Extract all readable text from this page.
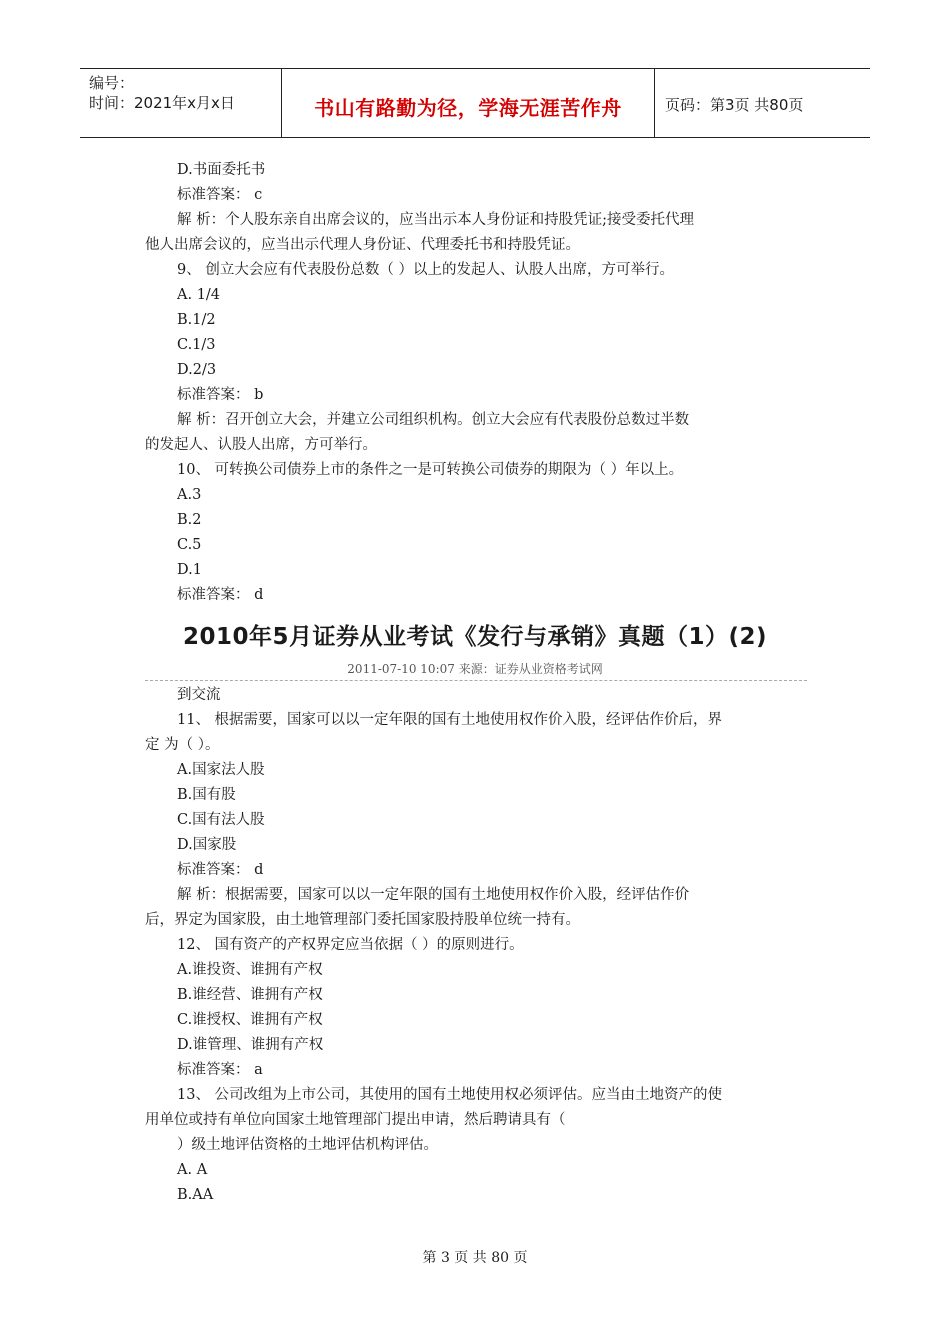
编号：
时间：2021年x月x日	书山有路勤为径，学海无涯苦作舟	页码：第3页 共80页
D.书面委托书
标准答案： c
解 析：个人股东亲自出席会议的，应当出示本人身份证和持股凭证;接受委托代理
他人出席会议的，应当出示代理人身份证、代理委托书和持股凭证。
9、 创立大会应有代表股份总数（ ）以上的发起人、认股人出席，方可举行。
A. 1/4
B.1/2
C.1/3
D.2/3
标准答案： b
解 析：召开创立大会，并建立公司组织机构。创立大会应有代表股份总数过半数
的发起人、认股人出席，方可举行。
10、 可转换公司债券上市的条件之一是可转换公司债券的期限为（ ）年以上。
A.3
B.2
C.5
D.1
标准答案： d
2010年5月证券从业考试《发行与承销》真题（1）(2)
2011-07-10 10:07 来源：证券从业资格考试网
到交流
11、 根据需要，国家可以以一定年限的国有土地使用权作价入股，经评估作价后，界
定 为（ ）。
A.国家法人股
B.国有股
C.国有法人股
D.国家股
标准答案： d
解 析：根据需要，国家可以以一定年限的国有土地使用权作价入股，经评估作价
后，界定为国家股，由土地管理部门委托国家股持股单位统一持有。
12、 国有资产的产权界定应当依据（ ）的原则进行。
A.谁投资、谁拥有产权
B.谁经营、谁拥有产权
C.谁授权、谁拥有产权
D.谁管理、谁拥有产权
标准答案： a
13、 公司改组为上市公司，其使用的国有土地使用权必须评估。应当由土地资产的使
用单位或持有单位向国家土地管理部门提出申请，然后聘请具有（
）级土地评估资格的土地评估机构评估。
A. A
B.AA
第 3 页 共 80 页
